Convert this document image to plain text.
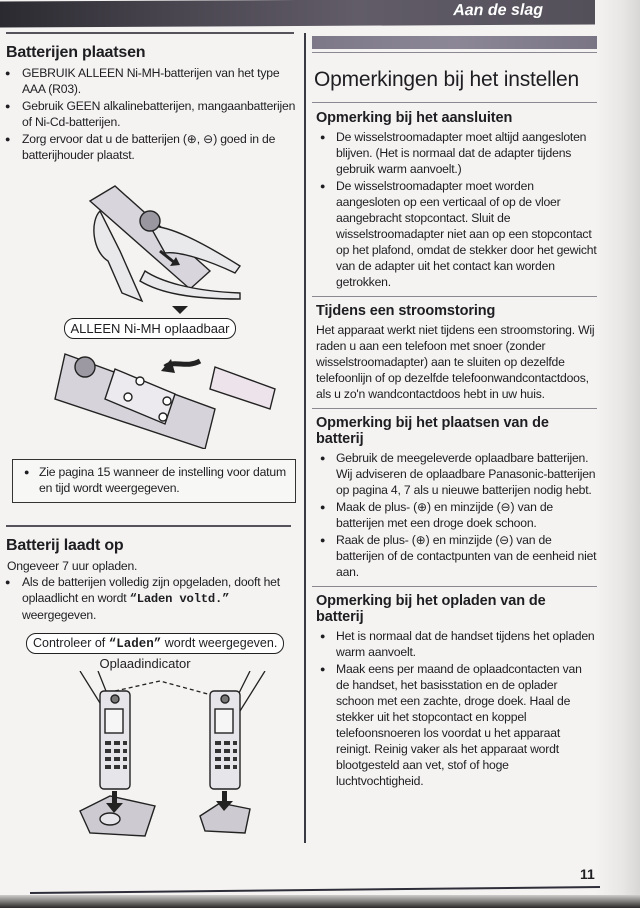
Aan de slag
Batterijen plaatsen
● GEBRUIK ALLEEN Ni-MH-batterijen van het type AAA (R03).
● Gebruik GEEN alkalinebatterijen, mangaanbatterijen of Ni-Cd-batterijen.
● Zorg ervoor dat u de batterijen (⊕, ⊖) goed in de batterijhouder plaatst.
ALLEEN Ni-MH oplaadbaar
● Zie pagina 15 wanneer de instelling voor datum en tijd wordt weergegeven.
Batterij laadt op

Ongeveer 7 uur opladen.

● Als de batterijen volledig zijn opgeladen, dooft het oplaadlicht en wordt “Laden voltd.” weergegeven.
Controleer of “Laden” wordt weergegeven.
Oplaadindicator
Opmerkingen bij het instellen
Opmerking bij het aansluiten
● De wisselstroomadapter moet altijd aangesloten blijven. (Het is normaal dat de adapter tijdens gebruik warm aanvoelt.)
● De wisselstroomadapter moet worden aangesloten op een verticaal of op de vloer aangebracht stopcontact. Sluit de wisselstroomadapter niet aan op een stopcontact op het plafond, omdat de stekker door het gewicht van de adapter uit het contact kan worden getrokken.
Tijdens een stroomstoring

Het apparaat werkt niet tijdens een stroomstoring. Wij raden u aan een telefoon met snoer (zonder wisselstroomadapter) aan te sluiten op dezelfde telefoonlijn of op dezelfde telefoonwandcontactdoos, als u zo'n wandcontactdoos hebt in uw huis.

Opmerking bij het plaatsen van de batterij
● Gebruik de meegeleverde oplaadbare batterijen. Wij adviseren de oplaadbare Panasonic-batterijen op pagina 4, 7 als u nieuwe batterijen nodig hebt.
● Maak de plus- (⊕) en minzijde (⊖) van de batterijen met een droge doek schoon.
● Raak de plus- (⊕) en minzijde (⊖) van de batterijen of de contactpunten van de eenheid niet aan.
Opmerking bij het opladen van de batterij
● Het is normaal dat de handset tijdens het opladen warm aanvoelt.
● Maak eens per maand de oplaadcontacten van de handset, het basisstation en de oplader schoon met een zachte, droge doek. Haal de stekker uit het stopcontact en koppel telefoonsnoeren los voordat u het apparaat reinigt. Reinig vaker als het apparaat wordt blootgesteld aan vet, stof of hoge luchtvochtigheid.
11
